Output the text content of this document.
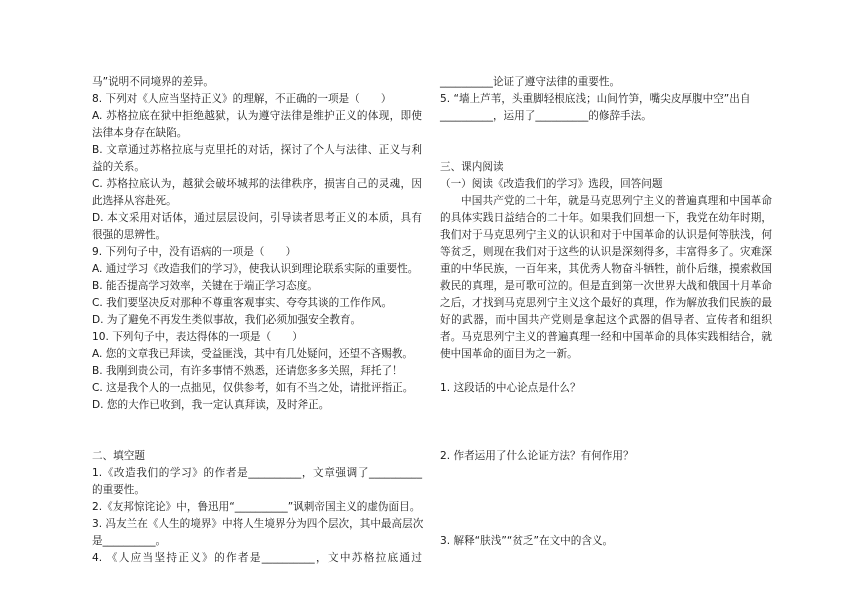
马”说明不同境界的差异。
8. 下列对《人应当坚持正义》的理解，不正确的一项是（　　）
A. 苏格拉底在狱中拒绝越狱，认为遵守法律是维护正义的体现，即使
法律本身存在缺陷。
B. 文章通过苏格拉底与克里托的对话，探讨了个人与法律、正义与利
益的关系。
C. 苏格拉底认为，越狱会破坏城邦的法律秩序，损害自己的灵魂，因
此选择从容赴死。
D. 本文采用对话体，通过层层设问，引导读者思考正义的本质，具有
很强的思辨性。
9. 下列句子中，没有语病的一项是（　　）
A. 通过学习《改造我们的学习》，使我认识到理论联系实际的重要性。
B. 能否提高学习效率，关键在于端正学习态度。
C. 我们要坚决反对那种不尊重客观事实、夸夸其谈的工作作风。
D. 为了避免不再发生类似事故，我们必须加强安全教育。
10. 下列句子中，表达得体的一项是（　　）
A. 您的文章我已拜读，受益匪浅，其中有几处疑问，还望不吝赐教。
B. 我刚到贵公司，有许多事情不熟悉，还请您多多关照，拜托了！
C. 这是我个人的一点拙见，仅供参考，如有不当之处，请批评指正。
D. 您的大作已收到，我一定认真拜读，及时斧正。
二、填空题
1.《改造我们的学习》的作者是__________，文章强调了__________
的重要性。
2.《友邦惊诧论》中，鲁迅用“__________”讽刺帝国主义的虚伪面目。
3. 冯友兰在《人生的境界》中将人生境界分为四个层次，其中最高层次
是__________。
4. 《人应当坚持正义》的作者是__________，文中苏格拉底通过
__________论证了遵守法律的重要性。
5. “墙上芦苇，头重脚轻根底浅；山间竹笋，嘴尖皮厚腹中空”出自
__________，运用了__________的修辞手法。
三、课内阅读
（一）阅读《改造我们的学习》选段，回答问题

中国共产党的二十年，就是马克思列宁主义的普遍真理和中国革命的具体实践日益结合的二十年。如果我们回想一下，我党在幼年时期，我们对于马克思列宁主义的认识和对于中国革命的认识是何等肤浅，何等贫乏，则现在我们对于这些的认识是深刻得多，丰富得多了。灾难深重的中华民族，一百年来，其优秀人物奋斗牺牲，前仆后继，摸索救国救民的真理，是可歌可泣的。但是直到第一次世界大战和俄国十月革命之后，才找到马克思列宁主义这个最好的真理，作为解放我们民族的最好的武器，而中国共产党则是拿起这个武器的倡导者、宣传者和组织者。马克思列宁主义的普遍真理一经和中国革命的具体实践相结合，就使中国革命的面目为之一新。

1. 这段话的中心论点是什么？
2. 作者运用了什么论证方法？有何作用？
3. 解释“肤浅”“贫乏”在文中的含义。
